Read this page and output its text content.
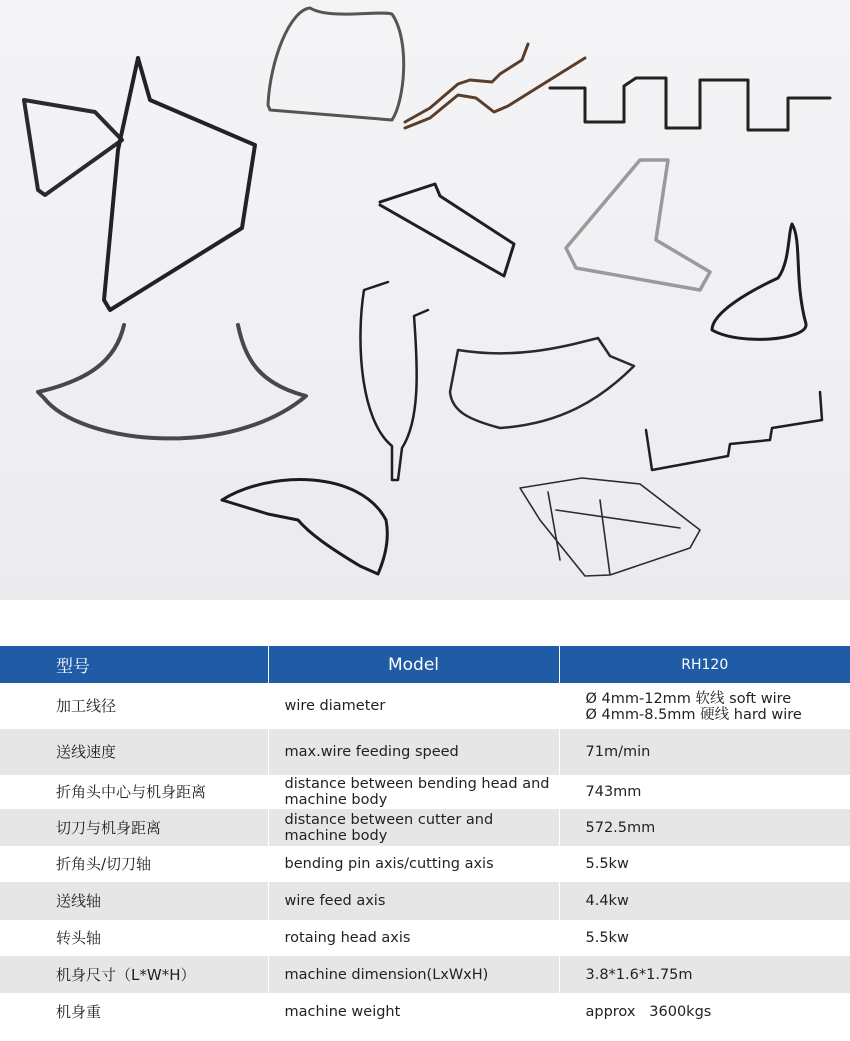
型号	Model	RH120
加工线径	wire diameter	Ø 4mm-12mm 软线 soft wire
Ø 4mm-8.5mm 硬线 hard wire

送线速度	max.wire feeding speed	71m/min
折角头中心与机身距离	distance between bending head and machine body	743mm
切刀与机身距离	distance between cutter and machine body	572.5mm
折角头/切刀轴	bending pin axis/cutting axis	5.5kw
送线轴	wire feed axis	4.4kw
转头轴	rotaing head axis	5.5kw
机身尺寸（L*W*H）	machine dimension(LxWxH)	3.8*1.6*1.75m
机身重	machine weight	approx   3600kgs
